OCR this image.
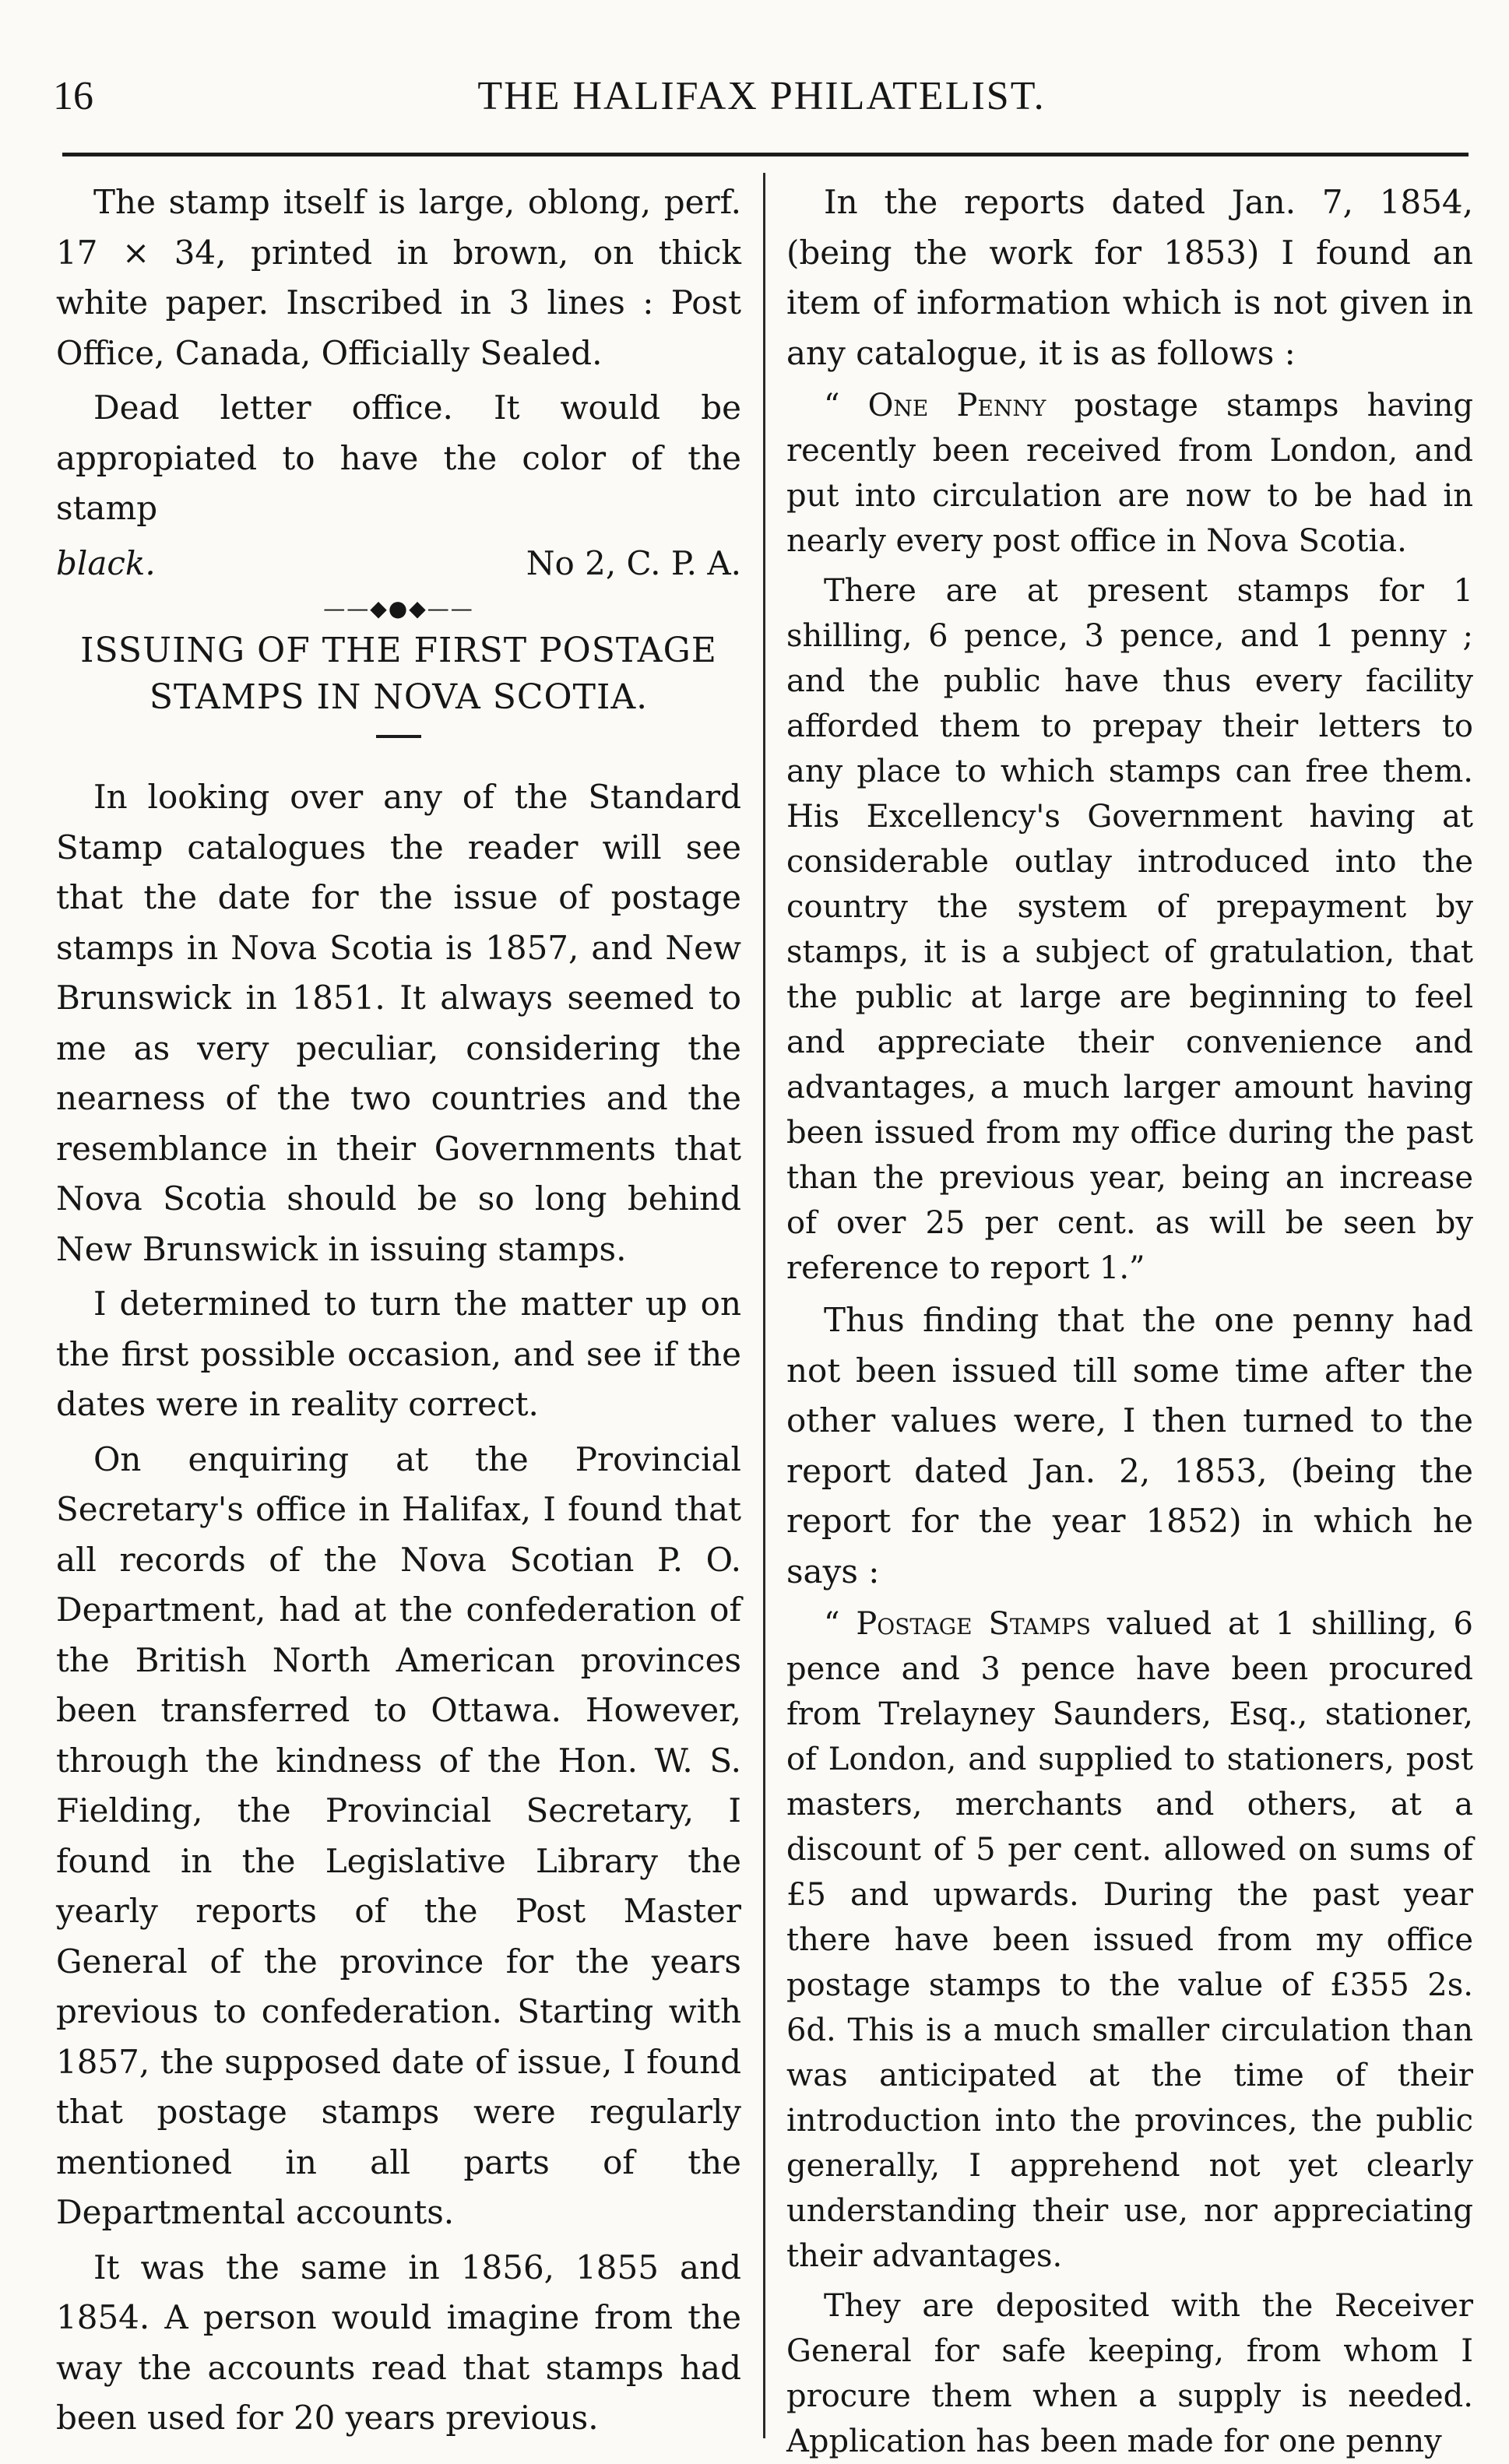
16	THE HALIFAX PHILATELIST.

The stamp itself is large, oblong, perf. 17 × 34, printed in brown, on thick white paper. Inscribed in 3 lines : Post Office, Canada, Officially Sealed.

Dead letter office. It would be appropiated to have the color of the stamp

black.	No 2, C. P. A.

——◆●◆——
ISSUING OF THE FIRST POSTAGE STAMPS IN NOVA SCOTIA.

In looking over any of the Standard Stamp catalogues the reader will see that the date for the issue of postage stamps in Nova Scotia is 1857, and New Brunswick in 1851. It always seemed to me as very peculiar, considering the nearness of the two countries and the resemblance in their Governments that Nova Scotia should be so long behind New Brunswick in issuing stamps.

I determined to turn the matter up on the first possible occasion, and see if the dates were in reality correct.

On enquiring at the Provincial Secretary's office in Halifax, I found that all records of the Nova Scotian P. O. Department, had at the confederation of the British North American provinces been transferred to Ottawa. However, through the kindness of the Hon. W. S. Fielding, the Provincial Secretary, I found in the Legislative Library the yearly reports of the Post Master General of the province for the years previous to confederation. Starting with 1857, the supposed date of issue, I found that postage stamps were regularly mentioned in all parts of the Departmental accounts.

It was the same in 1856, 1855 and 1854. A person would imagine from the way the accounts read that stamps had been used for 20 years previous.

In the reports dated Jan. 7, 1854, (being the work for 1853) I found an item of information which is not given in any catalogue, it is as follows :

“ One Penny postage stamps having recently been received from London, and put into circulation are now to be had in nearly every post office in Nova Scotia.

There are at present stamps for 1 shilling, 6 pence, 3 pence, and 1 penny ; and the public have thus every facility afforded them to prepay their letters to any place to which stamps can free them. His Excellency's Government having at considerable outlay introduced into the country the system of prepayment by stamps, it is a subject of gratulation, that the public at large are beginning to feel and appreciate their convenience and advantages, a much larger amount having been issued from my office during the past than the previous year, being an increase of over 25 per cent. as will be seen by reference to report 1.”

Thus finding that the one penny had not been issued till some time after the other values were, I then turned to the report dated Jan. 2, 1853, (being the report for the year 1852) in which he says :

“ Postage Stamps valued at 1 shilling, 6 pence and 3 pence have been procured from Trelayney Saunders, Esq., stationer, of London, and supplied to stationers, post masters, merchants and others, at a discount of 5 per cent. allowed on sums of £5 and upwards. During the past year there have been issued from my office postage stamps to the value of £355 2s. 6d. This is a much smaller circulation than was anticipated at the time of their introduction into the provinces, the public generally, I apprehend not yet clearly understanding their use, nor appreciating their advantages.

They are deposited with the Receiver General for safe keeping, from whom I procure them when a supply is needed. Application has been made for one penny
